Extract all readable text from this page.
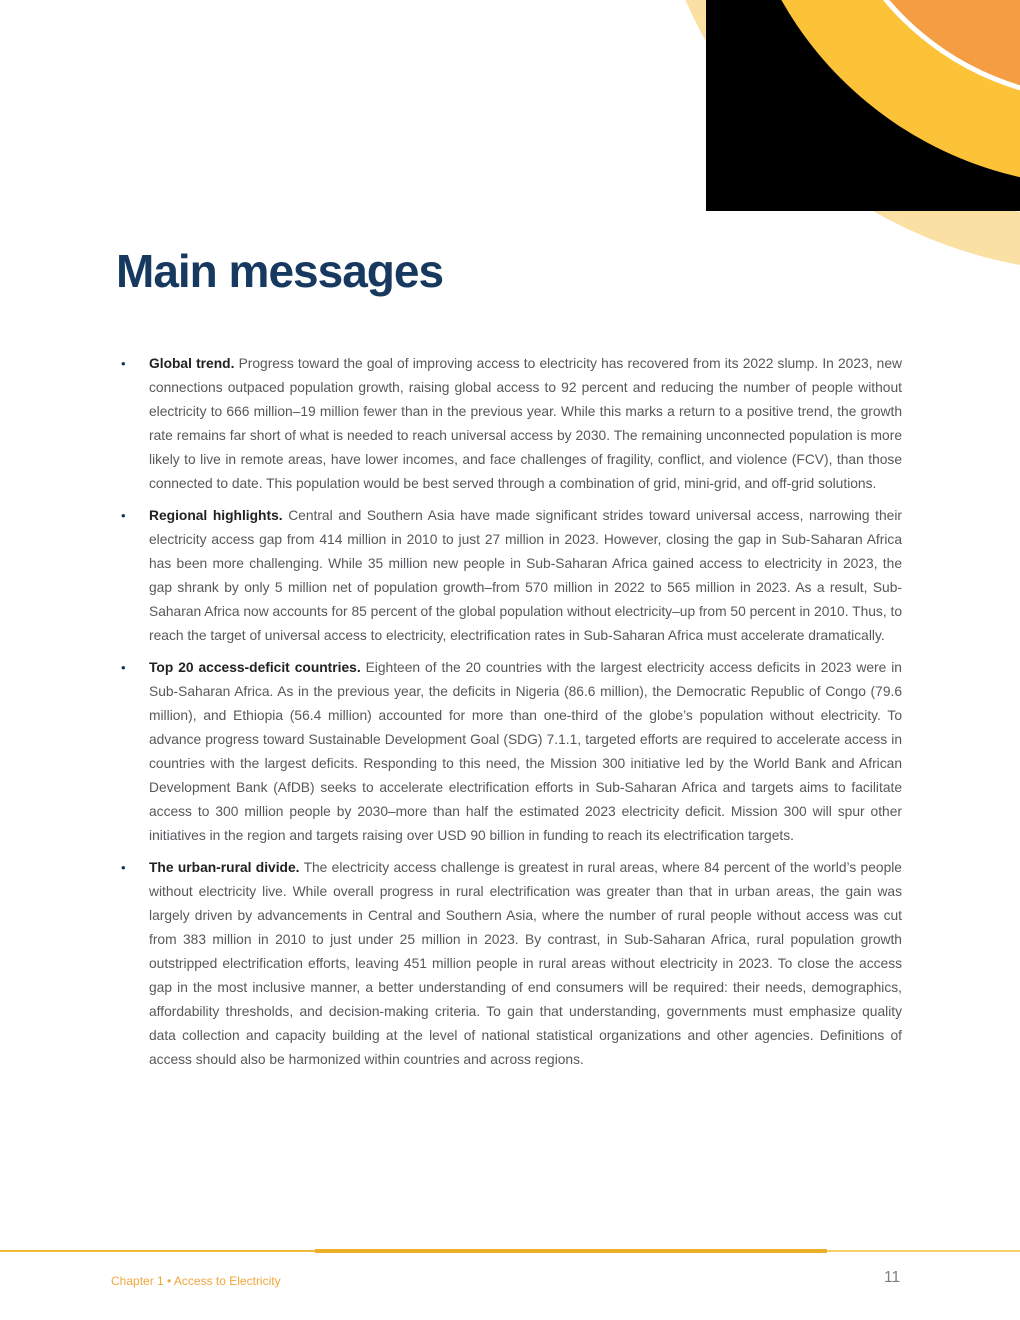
Main messages
• Global trend. Progress toward the goal of improving access to electricity has recovered from its 2022 slump. In 2023, new connections outpaced population growth, raising global access to 92 percent and reducing the number of people without electricity to 666 million–19 million fewer than in the previous year. While this marks a return to a positive trend, the growth rate remains far short of what is needed to reach universal access by 2030. The remaining unconnected population is more likely to live in remote areas, have lower incomes, and face challenges of fragility, conflict, and violence (FCV), than those connected to date. This population would be best served through a combination of grid, mini-grid, and off-grid solutions.
• Regional highlights. Central and Southern Asia have made significant strides toward universal access, narrowing their electricity access gap from 414 million in 2010 to just 27 million in 2023. However, closing the gap in Sub-Saharan Africa has been more challenging. While 35 million new people in Sub-Saharan Africa gained access to electricity in 2023, the gap shrank by only 5 million net of population growth–from 570 million in 2022 to 565 million in 2023. As a result, Sub-Saharan Africa now accounts for 85 percent of the global population without electricity–up from 50 percent in 2010. Thus, to reach the target of universal access to electricity, electrification rates in Sub-Saharan Africa must accelerate dramatically.
• Top 20 access-deficit countries. Eighteen of the 20 countries with the largest electricity access deficits in 2023 were in Sub-Saharan Africa. As in the previous year, the deficits in Nigeria (86.6 million), the Democratic Republic of Congo (79.6 million), and Ethiopia (56.4 million) accounted for more than one-third of the globe’s population without electricity. To advance progress toward Sustainable Development Goal (SDG) 7.1.1, targeted efforts are required to accelerate access in countries with the largest deficits. Responding to this need, the Mission 300 initiative led by the World Bank and African Development Bank (AfDB) seeks to accelerate electrification efforts in Sub-Saharan Africa and targets aims to facilitate access to 300 million people by 2030–more than half the estimated 2023 electricity deficit. Mission 300 will spur other initiatives in the region and targets raising over USD 90 billion in funding to reach its electrification targets.
• The urban-rural divide. The electricity access challenge is greatest in rural areas, where 84 percent of the world’s people without electricity live. While overall progress in rural electrification was greater than that in urban areas, the gain was largely driven by advancements in Central and Southern Asia, where the number of rural people without access was cut from 383 million in 2010 to just under 25 million in 2023. By contrast, in Sub-Saharan Africa, rural population growth outstripped electrification efforts, leaving 451 million people in rural areas without electricity in 2023. To close the access gap in the most inclusive manner, a better understanding of end consumers will be required: their needs, demographics, affordability thresholds, and decision-making criteria. To gain that understanding, governments must emphasize quality data collection and capacity building at the level of national statistical organizations and other agencies. Definitions of access should also be harmonized within countries and across regions.
Chapter 1 • Access to Electricity	11
